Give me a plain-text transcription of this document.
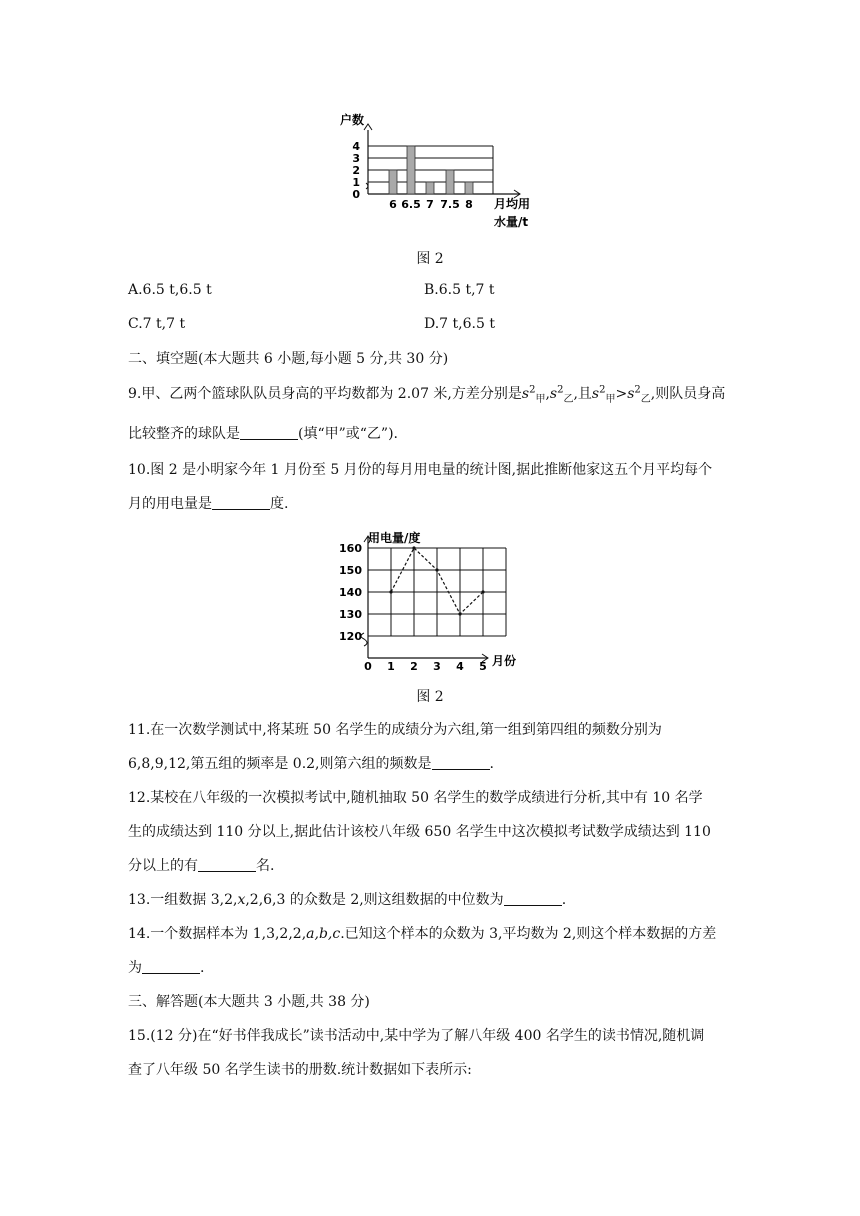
户数
0
1
2
3
4
6 6.5 7 7.5 8 月均用
水量/t
图 2
A.6.5 t,6.5 t	B.6.5 t,7 t
C.7 t,7 t	D.7 t,6.5 t
二、填空题(本大题共 6 小题,每小题 5 分,共 30 分)
9.甲、乙两个篮球队队员身高的平均数都为 2.07 米,方差分别是$s^2_甲,s^2_乙$,且$s^2_甲>s^2_乙$,则队员身高
比较整齐的球队是	(填“甲”或“乙”).
10.图 2 是小明家今年 1 月份至 5 月份的每月用电量的统计图,据此推断他家这五个月平均每个
月的用电量是	度.
用电量/度
120
130
140
150
160
0 1 2 3 4 5 月份
图 2
11.在一次数学测试中,将某班 50 名学生的成绩分为六组,第一组到第四组的频数分别为
6,8,9,12,第五组的频率是 0.2,则第六组的频数是	.
12.某校在八年级的一次模拟考试中,随机抽取 50 名学生的数学成绩进行分析,其中有 10 名学
生的成绩达到 110 分以上,据此估计该校八年级 650 名学生中这次模拟考试数学成绩达到 110
分以上的有	名.
13.一组数据 3,2,x,2,6,3 的众数是 2,则这组数据的中位数为	.
14.一个数据样本为 1,3,2,2,a,b,c.已知这个样本的众数为 3,平均数为 2,则这个样本数据的方差
为	.
三、解答题(本大题共 3 小题,共 38 分)
15.(12 分)在“好书伴我成长”读书活动中,某中学为了解八年级 400 名学生的读书情况,随机调
查了八年级 50 名学生读书的册数.统计数据如下表所示:
